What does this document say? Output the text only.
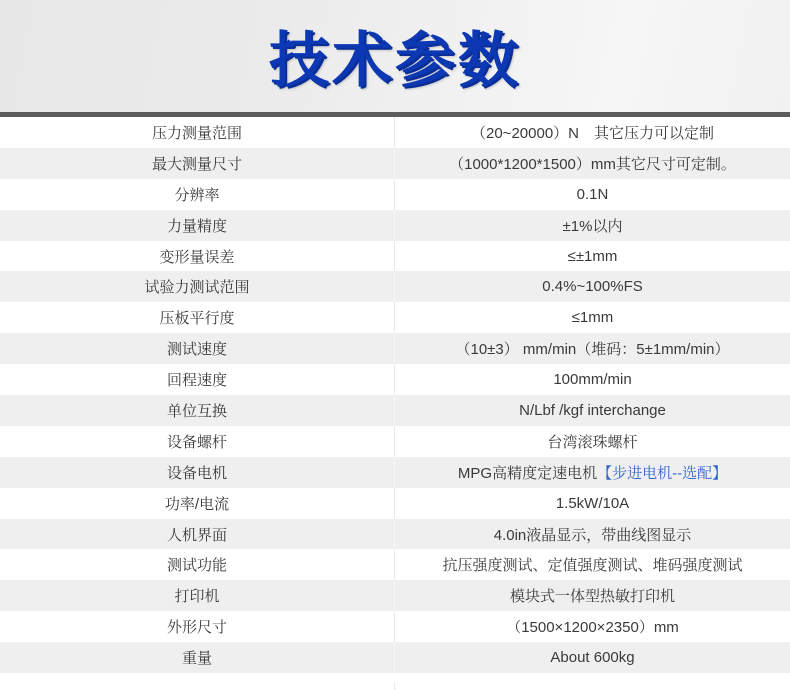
技术参数
压力测量范围	（20~20000）N　其它压力可以定制
最大测量尺寸	（1000*1200*1500）mm其它尺寸可定制。
分辨率	0.1N
力量精度	±1%以内
变形量误差	≤±1mm
试验力测试范围	0.4%~100%FS
压板平行度	≤1mm
测试速度	（10±3） mm/min（堆码：5±1mm/min）
回程速度	100mm/min
单位互换	N/Lbf /kgf interchange
设备螺杆	台湾滚珠螺杆
设备电机	MPG高精度定速电机【步进电机--选配】
功率/电流	1.5kW/10A
人机界面	4.0in液晶显示，带曲线图显示
测试功能	抗压强度测试、定值强度测试、堆码强度测试
打印机	模块式一体型热敏打印机
外形尺寸	（1500×1200×2350）mm
重量	About 600kg
